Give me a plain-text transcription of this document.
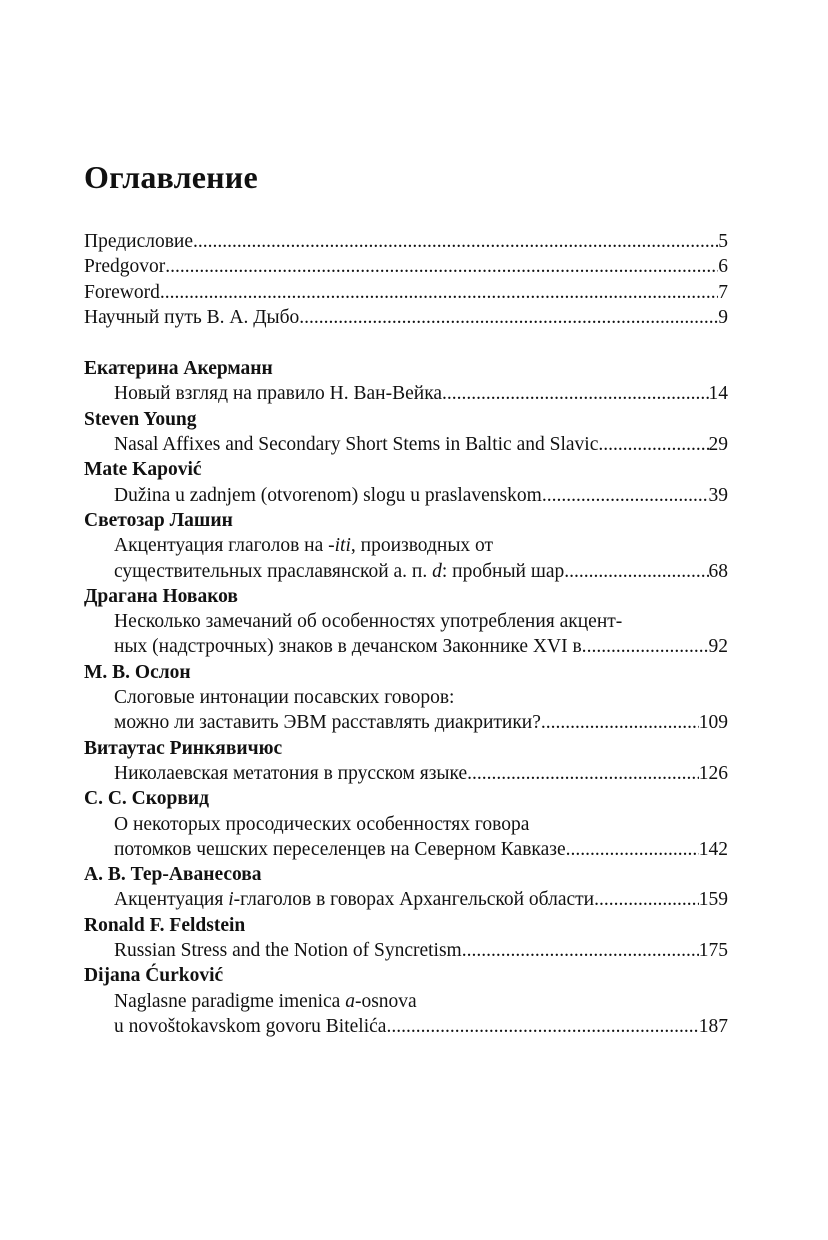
Оглавление
Предисловие .....	5
Predgovor .....	6
Foreword .....	7
Научный путь В. А. Дыбо .....	9
Екатерина Акерманн
Новый взгляд на правило Н. Ван-Вейка .....	14
Steven Young
Nasal Affixes and Secondary Short Stems in Baltic and Slavic .....	29
Mate Kapović
Dužina u zadnjem (otvorenom) slogu u praslavenskom .....	39
Светозар Лашин
Акцентуация глаголов на -iti, производных от
существительных праславянской а. п. d: пробный шар .....	68
Драгана Новаков
Несколько замечаний об особенностях употребления акцент-
ных (надстрочных) знаков в дечанском Законнике XVI в. .....	92
М. В. Ослон
Слоговые интонации посавских говоров:
можно ли заставить ЭВМ расставлять диакритики? .....	109
Витаутас Ринкявичюс
Николаевская метатония в прусском языке .....	126
С. С. Скорвид
О некоторых просодических особенностях говора
потомков чешских переселенцев на Северном Кавказе .....	142
А. В. Тер-Аванесова
Акцентуация i-глаголов в говорах Архангельской области .....	159
Ronald F. Feldstein
Russian Stress and the Notion of Syncretism .....	175
Dijana Ćurković
Naglasne paradigme imenica a-osnova
u novoštokavskom govoru Bitelića .....	187
